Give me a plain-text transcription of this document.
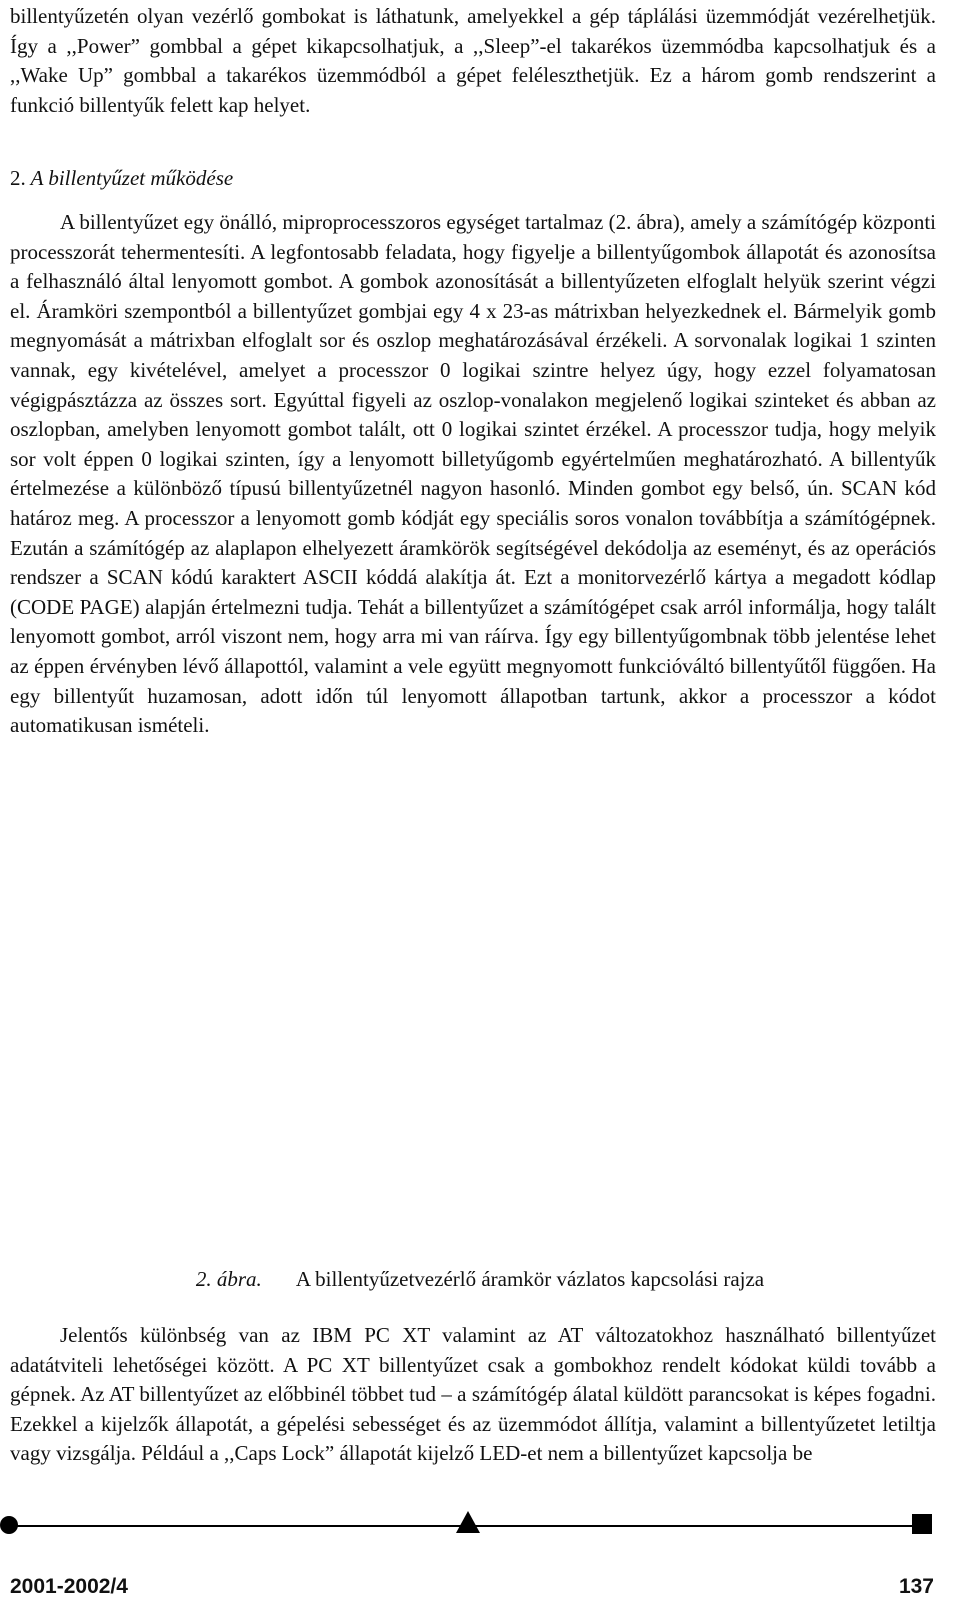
billentyűzetén olyan vezérlő gombokat is láthatunk, amelyekkel a gép táplálási üzemmódját vezérelhetjük. Így a ,,Power” gombbal a gépet kikapcsolhatjuk, a ,,Sleep”-el takarékos üzemmódba kapcsolhatjuk és a ,,Wake Up” gombbal a takarékos üzemmódból a gépet feléleszthetjük. Ez a három gomb rendszerint a funkció billentyűk felett kap helyet.

2. A billentyűzet működése

A billentyűzet egy önálló, miproprocesszoros egységet tartalmaz (2. ábra), amely a számítógép központi processzorát tehermentesíti. A legfontosabb feladata, hogy figyelje a billentyűgombok állapotát és azonosítsa a felhasználó által lenyomott gombot. A gombok azonosítását a billentyűzeten elfoglalt helyük szerint végzi el. Áramköri szempontból a billentyűzet gombjai egy 4 x 23-as mátrixban helyezkednek el. Bármelyik gomb megnyomását a mátrixban elfoglalt sor és oszlop meghatározásával érzékeli. A sorvonalak logikai 1 szinten vannak, egy kivételével, amelyet a processzor 0 logikai szintre helyez úgy, hogy ezzel folyamatosan végigpásztázza az összes sort. Egyúttal figyeli az oszlop-vonalakon megjelenő logikai szinteket és abban az oszlopban, amelyben lenyomott gombot talált, ott 0 logikai szintet érzékel. A processzor tudja, hogy melyik sor volt éppen 0 logikai szinten, így a lenyomott billetyűgomb egyértelműen meghatározható. A billentyűk értelmezése a különböző típusú billentyűzetnél nagyon hasonló. Minden gombot egy belső, ún. SCAN kód határoz meg. A processzor a lenyomott gomb kódját egy speciális soros vonalon továbbítja a számítógépnek. Ezután a számítógép az alaplapon elhelyezett áramkörök segítségével dekódolja az eseményt, és az operációs rendszer a SCAN kódú karaktert ASCII kóddá alakítja át. Ezt a monitorvezérlő kártya a megadott kódlap (CODE PAGE) alapján értelmezni tudja. Tehát a billentyűzet a számítógépet csak arról informálja, hogy talált lenyomott gombot, arról viszont nem, hogy arra mi van ráírva. Így egy billentyűgombnak több jelentése lehet az éppen érvényben lévő állapottól, valamint a vele együtt megnyomott funkcióváltó billentyűtől függően. Ha egy billentyűt huzamosan, adott időn túl lenyomott állapotban tartunk, akkor a processzor a kódot automatikusan ismételi.

2. ábra. A billentyűzetvezérlő áramkör vázlatos kapcsolási rajza

Jelentős különbség van az IBM PC XT valamint az AT változatokhoz használható billentyűzet adatátviteli lehetőségei között. A PC XT billentyűzet csak a gombokhoz rendelt kódokat küldi tovább a gépnek. Az AT billentyűzet az előbbinél többet tud – a számítógép álatal küldött parancsokat is képes fogadni. Ezekkel a kijelzők állapotát, a gépelési sebességet és az üzemmódot állítja, valamint a billentyűzetet letiltja vagy vizsgálja. Például a ,,Caps Lock” állapotát kijelző LED-et nem a billentyűzet kapcsolja be

2001-2002/4	137
